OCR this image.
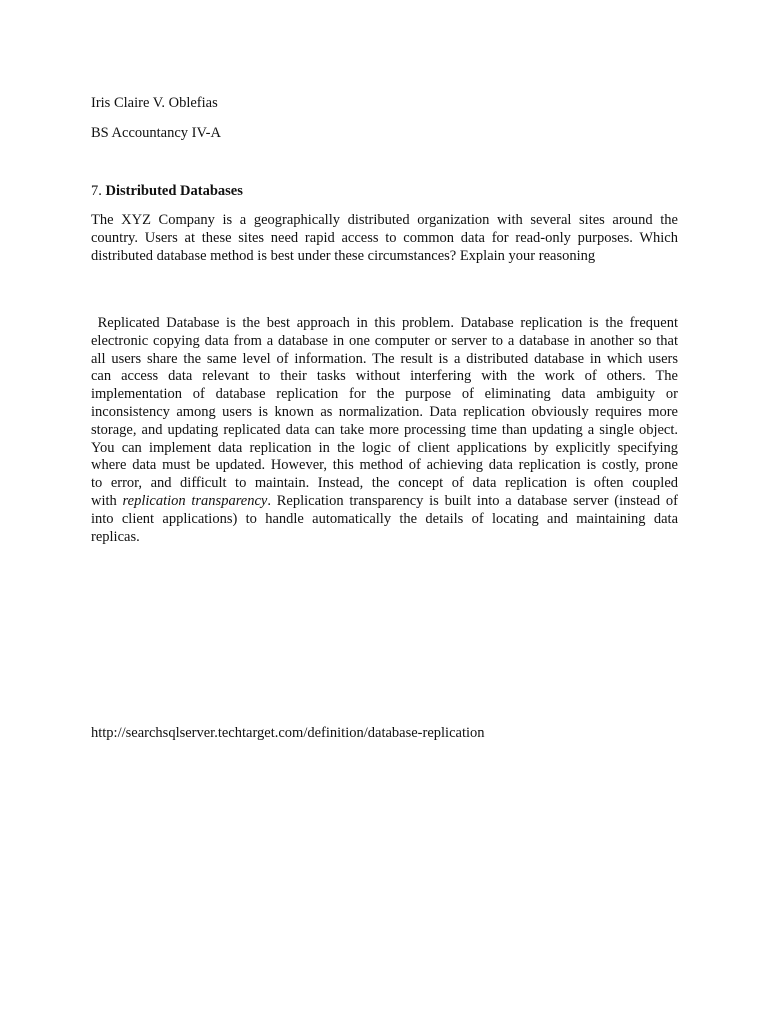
Iris Claire V. Oblefias
BS Accountancy IV-A
7. Distributed Databases
The XYZ Company is a geographically distributed organization with several sites around the country. Users at these sites need rapid access to common data for read-only purposes. Which distributed database method is best under these circumstances? Explain your reasoning
Replicated Database is the best approach in this problem. Database replication is the frequent
electronic copying data from a database in one computer or server to a database in another so that
all users share the same level of information. The result is a distributed database in which users
can access data relevant to their tasks without interfering with the work of others. The
implementation of database replication for the purpose of eliminating data ambiguity or
inconsistency among users is known as normalization. Data replication obviously requires more
storage, and updating replicated data can take more processing time than updating a single object.
You can implement data replication in the logic of client applications by explicitly specifying
where data must be updated. However, this method of achieving data replication is costly, prone
to error, and difficult to maintain. Instead, the concept of data replication is often coupled
with replication transparency. Replication transparency is built into a database server (instead of
into client applications) to handle automatically the details of locating and maintaining data
replicas.
http://searchsqlserver.techtarget.com/definition/database-replication
